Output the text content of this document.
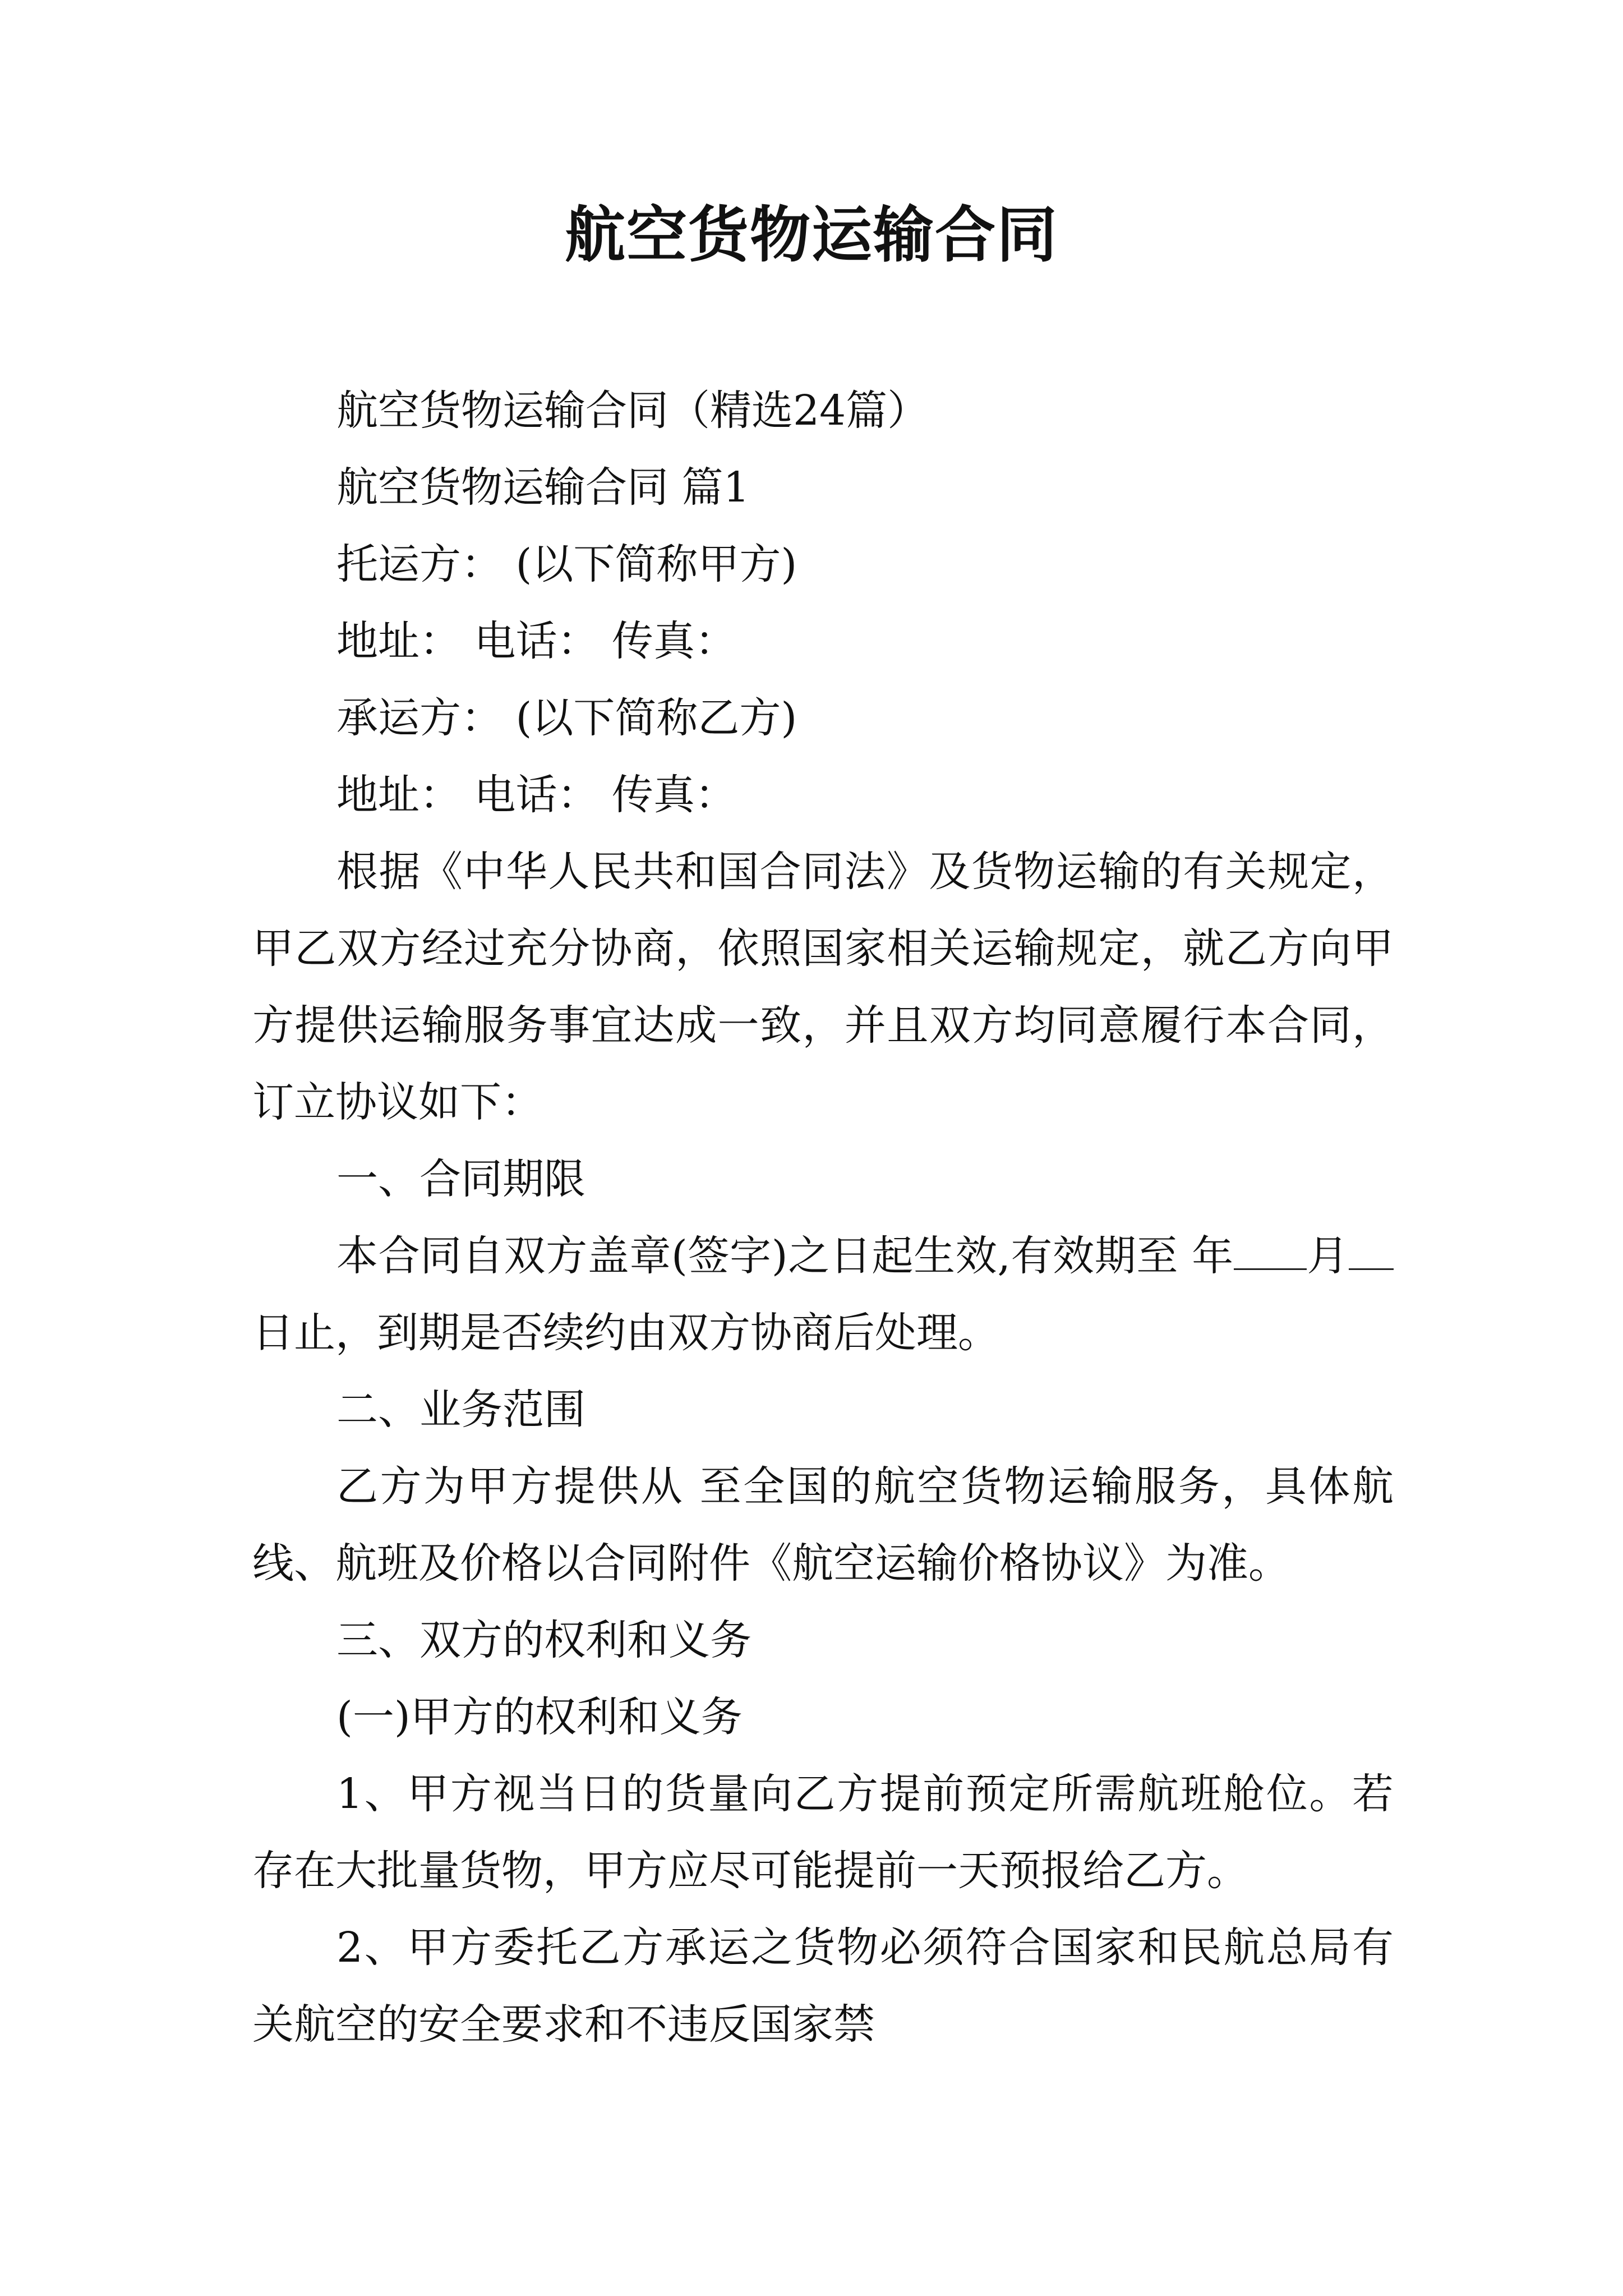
航空货物运输合同

航空货物运输合同（精选24篇）

航空货物运输合同 篇1

托运方： (以下简称甲方)

地址： 电话： 传真：

承运方： (以下简称乙方)

地址： 电话： 传真：

根据《中华人民共和国合同法》及货物运输的有关规定，甲乙双方经过充分协商，依照国家相关运输规定，就乙方向甲方提供运输服务事宜达成一致，并且双方均同意履行本合同，订立协议如下：

一、合同期限

本合同自双方盖章(签字)之日起生效,有效期至 年 月 日止，到期是否续约由双方协商后处理。

二、业务范围

乙方为甲方提供从 至全国的航空货物运输服务，具体航线、航班及价格以合同附件《航空运输价格协议》为准。

三、双方的权利和义务

(一)甲方的权利和义务

1、甲方视当日的货量向乙方提前预定所需航班舱位。若存在大批量货物，甲方应尽可能提前一天预报给乙方。

2、甲方委托乙方承运之货物必须符合国家和民航总局有关航空的安全要求和不违反国家禁
